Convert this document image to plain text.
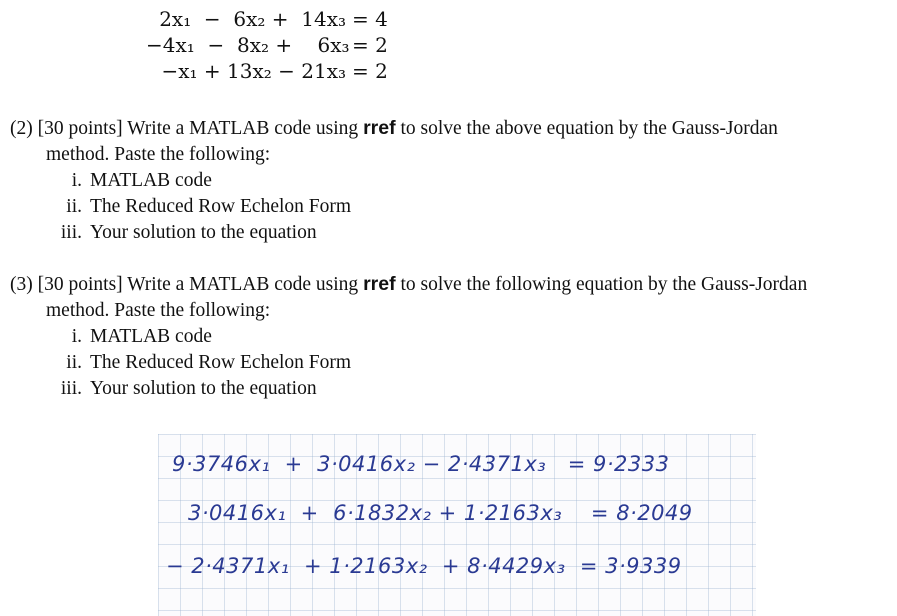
2x₁  −  6x₂ +  14x₃ = 4
−4x₁  −  8x₂ +    6x₃ = 2
−x₁ + 13x₂ − 21x₃ = 2
(2) [30 points] Write a MATLAB code using rref to solve the above equation by the Gauss-Jordan
method. Paste the following:
i. MATLAB code
ii. The Reduced Row Echelon Form
iii. Your solution to the equation
(3) [30 points] Write a MATLAB code using rref to solve the following equation by the Gauss-Jordan
method. Paste the following:
i. MATLAB code
ii. The Reduced Row Echelon Form
iii. Your solution to the equation
9·3746x₁  +  3·0416x₂ − 2·4371x₃   = 9·2333
3·0416x₁  +  6·1832x₂ + 1·2163x₃    = 8·2049
− 2·4371x₁  + 1·2163x₂  + 8·4429x₃  = 3·9339
